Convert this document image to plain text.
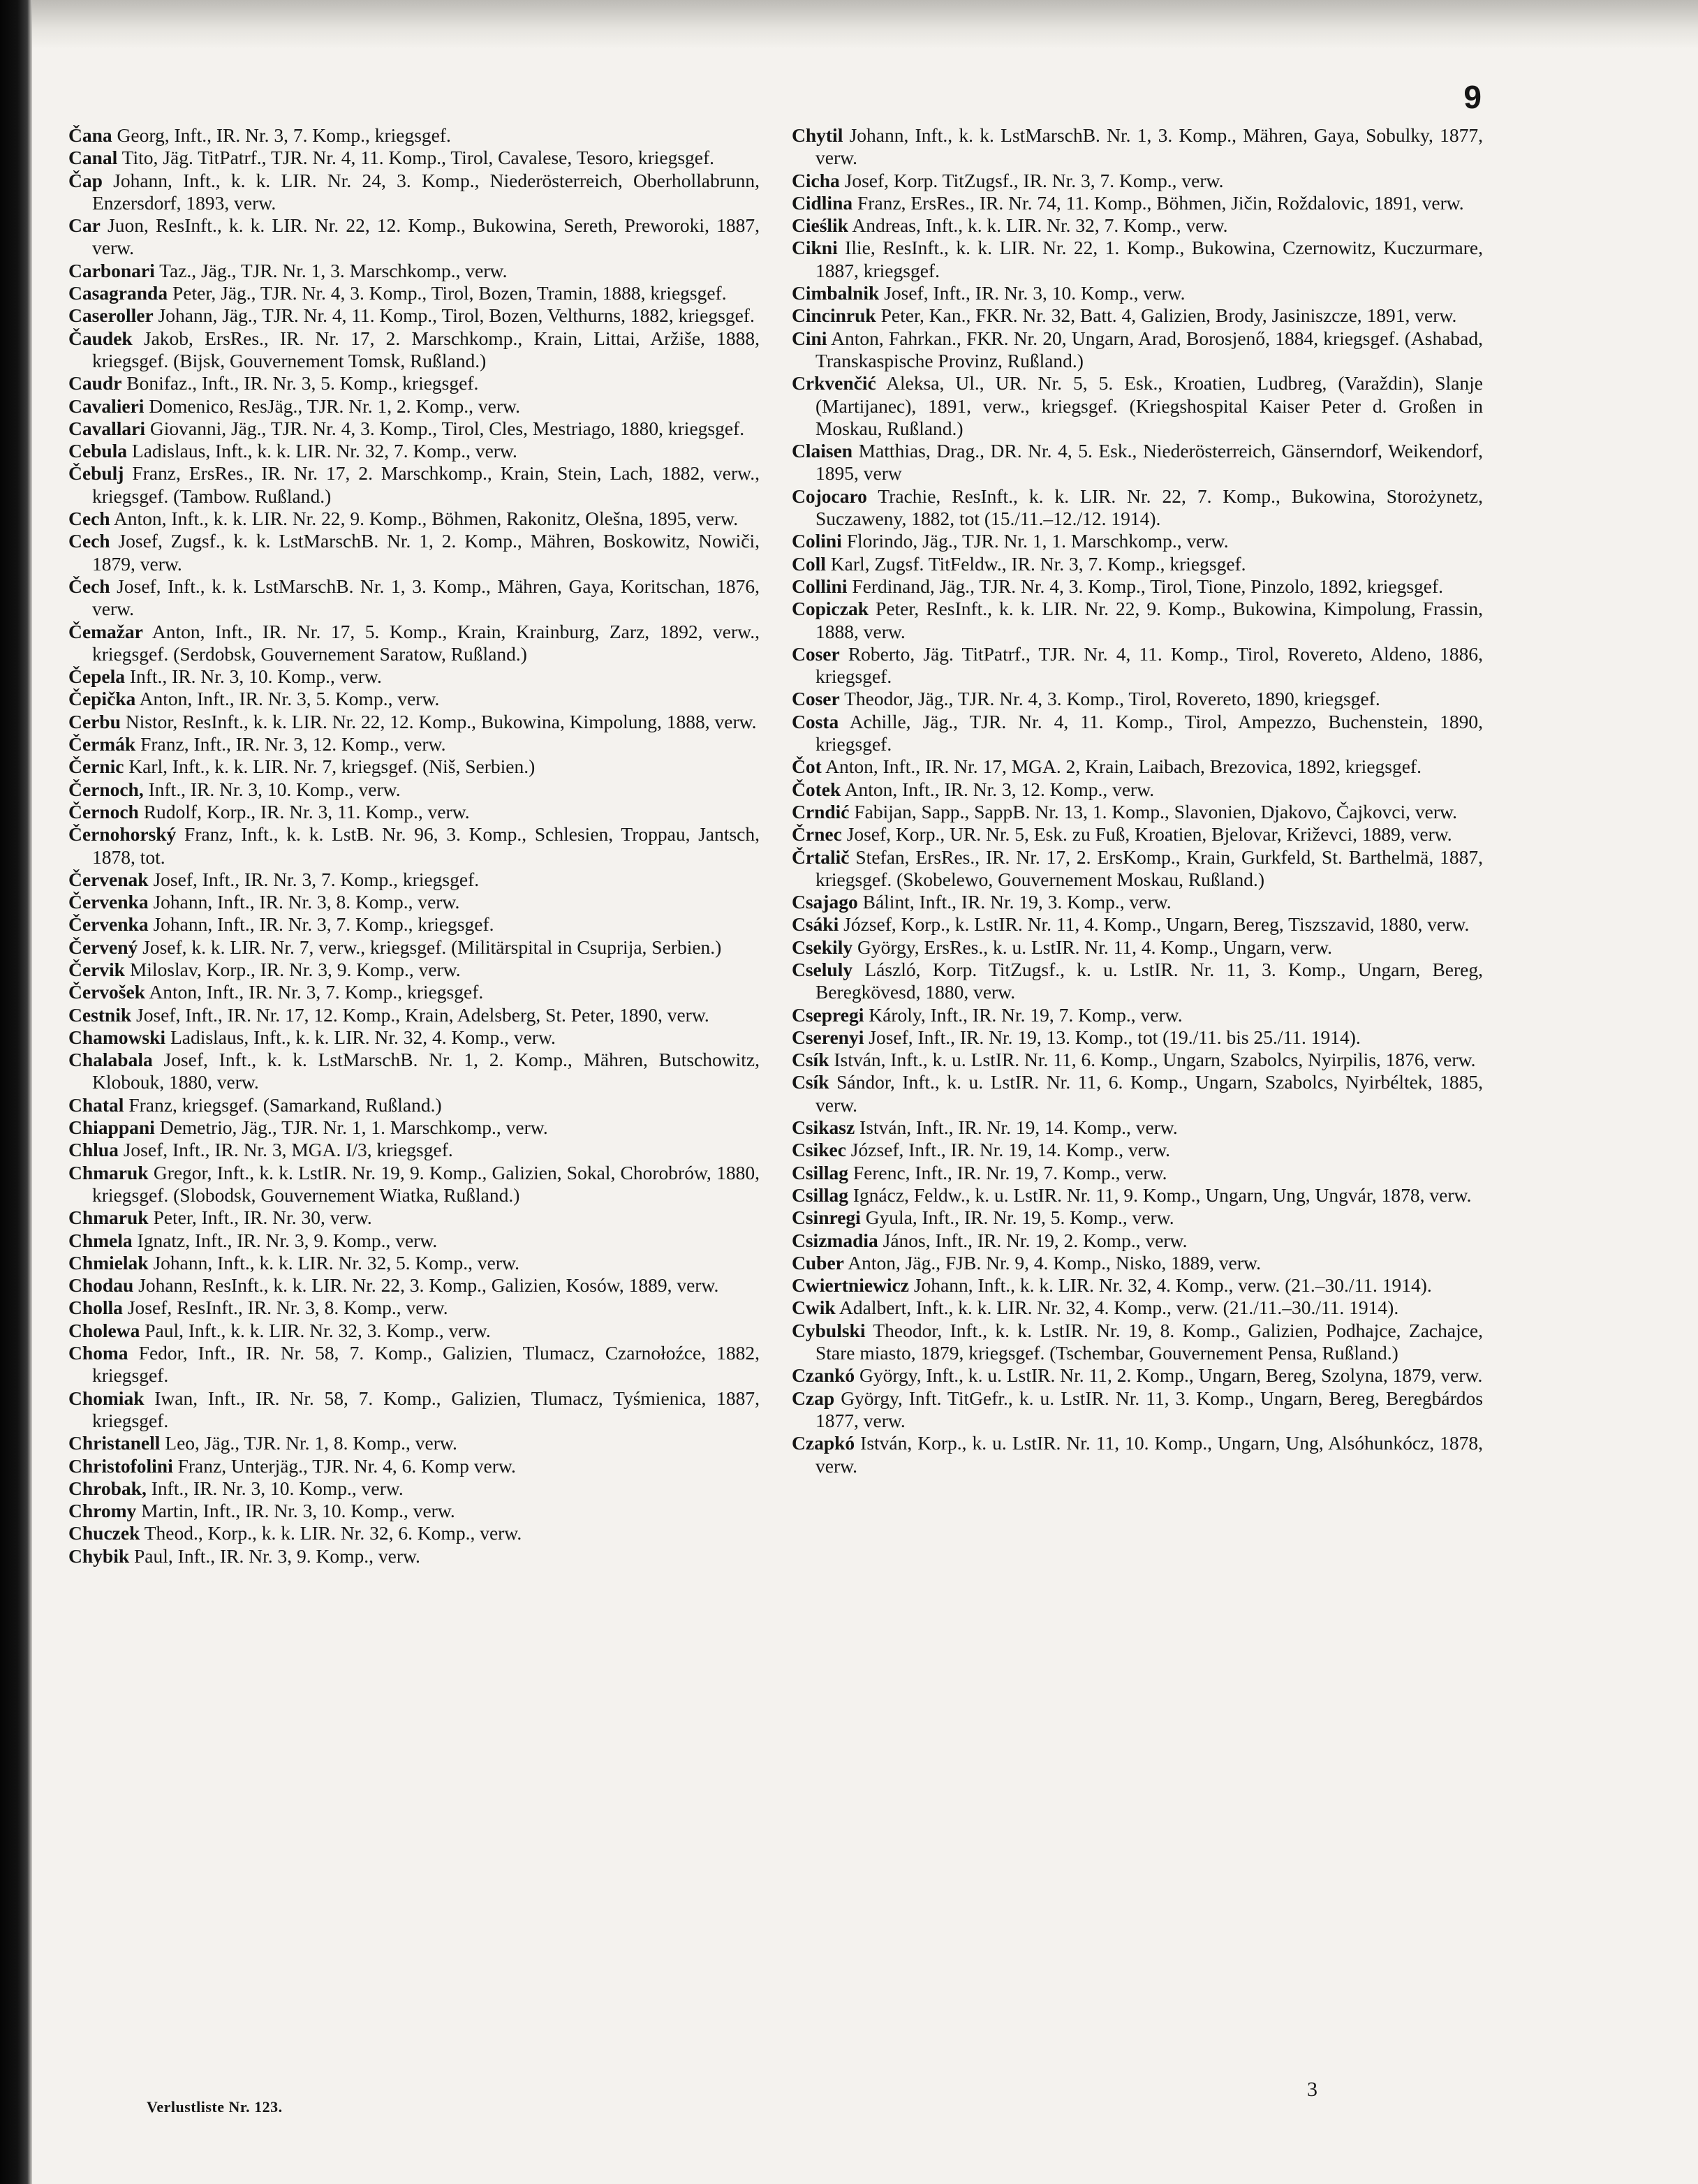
9

Čana Georg, Inft., IR. Nr. 3, 7. Komp., kriegsgef.

Canal Tito, Jäg. TitPatrf., TJR. Nr. 4, 11. Komp., Tirol, Cavalese, Tesoro, kriegsgef.

Čap Johann, Inft., k. k. LIR. Nr. 24, 3. Komp., Niederösterreich, Oberhollabrunn, Enzersdorf, 1893, verw.

Car Juon, ResInft., k. k. LIR. Nr. 22, 12. Komp., Bukowina, Sereth, Preworoki, 1887, verw.

Carbonari Taz., Jäg., TJR. Nr. 1, 3. Marschkomp., verw.

Casagranda Peter, Jäg., TJR. Nr. 4, 3. Komp., Tirol, Bozen, Tramin, 1888, kriegsgef.

Caseroller Johann, Jäg., TJR. Nr. 4, 11. Komp., Tirol, Bozen, Velthurns, 1882, kriegsgef.

Čaudek Jakob, ErsRes., IR. Nr. 17, 2. Marschkomp., Krain, Littai, Aržiše, 1888, kriegsgef. (Bijsk, Gouvernement Tomsk, Rußland.)

Caudr Bonifaz., Inft., IR. Nr. 3, 5. Komp., kriegsgef.

Cavalieri Domenico, ResJäg., TJR. Nr. 1, 2. Komp., verw.

Cavallari Giovanni, Jäg., TJR. Nr. 4, 3. Komp., Tirol, Cles, Mestriago, 1880, kriegsgef.

Cebula Ladislaus, Inft., k. k. LIR. Nr. 32, 7. Komp., verw.

Čebulj Franz, ErsRes., IR. Nr. 17, 2. Marschkomp., Krain, Stein, Lach, 1882, verw., kriegsgef. (Tambow. Rußland.)

Cech Anton, Inft., k. k. LIR. Nr. 22, 9. Komp., Böhmen, Rakonitz, Olešna, 1895, verw.

Cech Josef, Zugsf., k. k. LstMarschB. Nr. 1, 2. Komp., Mähren, Boskowitz, Nowiči, 1879, verw.

Čech Josef, Inft., k. k. LstMarschB. Nr. 1, 3. Komp., Mähren, Gaya, Koritschan, 1876, verw.

Čemažar Anton, Inft., IR. Nr. 17, 5. Komp., Krain, Krainburg, Zarz, 1892, verw., kriegsgef. (Serdobsk, Gouvernement Saratow, Rußland.)

Čepela Inft., IR. Nr. 3, 10. Komp., verw.

Čepička Anton, Inft., IR. Nr. 3, 5. Komp., verw.

Cerbu Nistor, ResInft., k. k. LIR. Nr. 22, 12. Komp., Bukowina, Kimpolung, 1888, verw.

Čermák Franz, Inft., IR. Nr. 3, 12. Komp., verw.

Černic Karl, Inft., k. k. LIR. Nr. 7, kriegsgef. (Niš, Serbien.)

Černoch, Inft., IR. Nr. 3, 10. Komp., verw.

Černoch Rudolf, Korp., IR. Nr. 3, 11. Komp., verw.

Černohorský Franz, Inft., k. k. LstB. Nr. 96, 3. Komp., Schlesien, Troppau, Jantsch, 1878, tot.

Červenak Josef, Inft., IR. Nr. 3, 7. Komp., kriegsgef.

Červenka Johann, Inft., IR. Nr. 3, 8. Komp., verw.

Červenka Johann, Inft., IR. Nr. 3, 7. Komp., kriegsgef.

Červený Josef, k. k. LIR. Nr. 7, verw., kriegsgef. (Militärspital in Csuprija, Serbien.)

Červik Miloslav, Korp., IR. Nr. 3, 9. Komp., verw.

Červošek Anton, Inft., IR. Nr. 3, 7. Komp., kriegsgef.

Cestnik Josef, Inft., IR. Nr. 17, 12. Komp., Krain, Adelsberg, St. Peter, 1890, verw.

Chamowski Ladislaus, Inft., k. k. LIR. Nr. 32, 4. Komp., verw.

Chalabala Josef, Inft., k. k. LstMarschB. Nr. 1, 2. Komp., Mähren, Butschowitz, Klobouk, 1880, verw.

Chatal Franz, kriegsgef. (Samarkand, Rußland.)

Chiappani Demetrio, Jäg., TJR. Nr. 1, 1. Marschkomp., verw.

Chlua Josef, Inft., IR. Nr. 3, MGA. I/3, kriegsgef.

Chmaruk Gregor, Inft., k. k. LstIR. Nr. 19, 9. Komp., Galizien, Sokal, Chorobrów, 1880, kriegsgef. (Slobodsk, Gouvernement Wiatka, Rußland.)

Chmaruk Peter, Inft., IR. Nr. 30, verw.

Chmela Ignatz, Inft., IR. Nr. 3, 9. Komp., verw.

Chmielak Johann, Inft., k. k. LIR. Nr. 32, 5. Komp., verw.

Chodau Johann, ResInft., k. k. LIR. Nr. 22, 3. Komp., Galizien, Kosów, 1889, verw.

Cholla Josef, ResInft., IR. Nr. 3, 8. Komp., verw.

Cholewa Paul, Inft., k. k. LIR. Nr. 32, 3. Komp., verw.

Choma Fedor, Inft., IR. Nr. 58, 7. Komp., Galizien, Tlumacz, Czarnołoźce, 1882, kriegsgef.

Chomiak Iwan, Inft., IR. Nr. 58, 7. Komp., Galizien, Tlumacz, Tyśmienica, 1887, kriegsgef.

Christanell Leo, Jäg., TJR. Nr. 1, 8. Komp., verw.

Christofolini Franz, Unterjäg., TJR. Nr. 4, 6. Komp verw.

Chrobak, Inft., IR. Nr. 3, 10. Komp., verw.

Chromy Martin, Inft., IR. Nr. 3, 10. Komp., verw.

Chuczek Theod., Korp., k. k. LIR. Nr. 32, 6. Komp., verw.

Chybik Paul, Inft., IR. Nr. 3, 9. Komp., verw.

Chytil Johann, Inft., k. k. LstMarschB. Nr. 1, 3. Komp., Mähren, Gaya, Sobulky, 1877, verw.

Cicha Josef, Korp. TitZugsf., IR. Nr. 3, 7. Komp., verw.

Cidlina Franz, ErsRes., IR. Nr. 74, 11. Komp., Böhmen, Jičin, Roždalovic, 1891, verw.

Cieślik Andreas, Inft., k. k. LIR. Nr. 32, 7. Komp., verw.

Cikni Ilie, ResInft., k. k. LIR. Nr. 22, 1. Komp., Bukowina, Czernowitz, Kuczurmare, 1887, kriegsgef.

Cimbalnik Josef, Inft., IR. Nr. 3, 10. Komp., verw.

Cincinruk Peter, Kan., FKR. Nr. 32, Batt. 4, Galizien, Brody, Jasiniszcze, 1891, verw.

Cini Anton, Fahrkan., FKR. Nr. 20, Ungarn, Arad, Borosjenő, 1884, kriegsgef. (Ashabad, Transkaspische Provinz, Rußland.)

Crkvenčić Aleksa, Ul., UR. Nr. 5, 5. Esk., Kroatien, Ludbreg, (Varaždin), Slanje (Martijanec), 1891, verw., kriegsgef. (Kriegshospital Kaiser Peter d. Großen in Moskau, Rußland.)

Claisen Matthias, Drag., DR. Nr. 4, 5. Esk., Niederösterreich, Gänserndorf, Weikendorf, 1895, verw

Cojocaro Trachie, ResInft., k. k. LIR. Nr. 22, 7. Komp., Bukowina, Storożynetz, Suczaweny, 1882, tot (15./11.–12./12. 1914).

Colini Florindo, Jäg., TJR. Nr. 1, 1. Marschkomp., verw.

Coll Karl, Zugsf. TitFeldw., IR. Nr. 3, 7. Komp., kriegsgef.

Collini Ferdinand, Jäg., TJR. Nr. 4, 3. Komp., Tirol, Tione, Pinzolo, 1892, kriegsgef.

Copiczak Peter, ResInft., k. k. LIR. Nr. 22, 9. Komp., Bukowina, Kimpolung, Frassin, 1888, verw.

Coser Roberto, Jäg. TitPatrf., TJR. Nr. 4, 11. Komp., Tirol, Rovereto, Aldeno, 1886, kriegsgef.

Coser Theodor, Jäg., TJR. Nr. 4, 3. Komp., Tirol, Rovereto, 1890, kriegsgef.

Costa Achille, Jäg., TJR. Nr. 4, 11. Komp., Tirol, Ampezzo, Buchenstein, 1890, kriegsgef.

Čot Anton, Inft., IR. Nr. 17, MGA. 2, Krain, Laibach, Brezovica, 1892, kriegsgef.

Čotek Anton, Inft., IR. Nr. 3, 12. Komp., verw.

Crndić Fabijan, Sapp., SappB. Nr. 13, 1. Komp., Slavonien, Djakovo, Čajkovci, verw.

Črnec Josef, Korp., UR. Nr. 5, Esk. zu Fuß, Kroatien, Bjelovar, Križevci, 1889, verw.

Črtalič Stefan, ErsRes., IR. Nr. 17, 2. ErsKomp., Krain, Gurkfeld, St. Barthelmä, 1887, kriegsgef. (Skobelewo, Gouvernement Moskau, Rußland.)

Csajago Bálint, Inft., IR. Nr. 19, 3. Komp., verw.

Csáki József, Korp., k. LstIR. Nr. 11, 4. Komp., Ungarn, Bereg, Tiszszavid, 1880, verw.

Csekily György, ErsRes., k. u. LstIR. Nr. 11, 4. Komp., Ungarn, verw.

Cseluly László, Korp. TitZugsf., k. u. LstIR. Nr. 11, 3. Komp., Ungarn, Bereg, Beregkövesd, 1880, verw.

Csepregi Károly, Inft., IR. Nr. 19, 7. Komp., verw.

Cserenyi Josef, Inft., IR. Nr. 19, 13. Komp., tot (19./11. bis 25./11. 1914).

Csík István, Inft., k. u. LstIR. Nr. 11, 6. Komp., Ungarn, Szabolcs, Nyirpilis, 1876, verw.

Csík Sándor, Inft., k. u. LstIR. Nr. 11, 6. Komp., Ungarn, Szabolcs, Nyirbéltek, 1885, verw.

Csikasz István, Inft., IR. Nr. 19, 14. Komp., verw.

Csikec József, Inft., IR. Nr. 19, 14. Komp., verw.

Csillag Ferenc, Inft., IR. Nr. 19, 7. Komp., verw.

Csillag Ignácz, Feldw., k. u. LstIR. Nr. 11, 9. Komp., Ungarn, Ung, Ungvár, 1878, verw.

Csinregi Gyula, Inft., IR. Nr. 19, 5. Komp., verw.

Csizmadia János, Inft., IR. Nr. 19, 2. Komp., verw.

Cuber Anton, Jäg., FJB. Nr. 9, 4. Komp., Nisko, 1889, verw.

Cwiertniewicz Johann, Inft., k. k. LIR. Nr. 32, 4. Komp., verw. (21.–30./11. 1914).

Cwik Adalbert, Inft., k. k. LIR. Nr. 32, 4. Komp., verw. (21./11.–30./11. 1914).

Cybulski Theodor, Inft., k. k. LstIR. Nr. 19, 8. Komp., Galizien, Podhajce, Zachajce, Stare miasto, 1879, kriegsgef. (Tschembar, Gouvernement Pensa, Rußland.)

Czankó György, Inft., k. u. LstIR. Nr. 11, 2. Komp., Ungarn, Bereg, Szolyna, 1879, verw.

Czap György, Inft. TitGefr., k. u. LstIR. Nr. 11, 3. Komp., Ungarn, Bereg, Beregbárdos 1877, verw.

Czapkó István, Korp., k. u. LstIR. Nr. 11, 10. Komp., Ungarn, Ung, Alsóhunkócz, 1878, verw.

Verlustliste Nr. 123.
3
